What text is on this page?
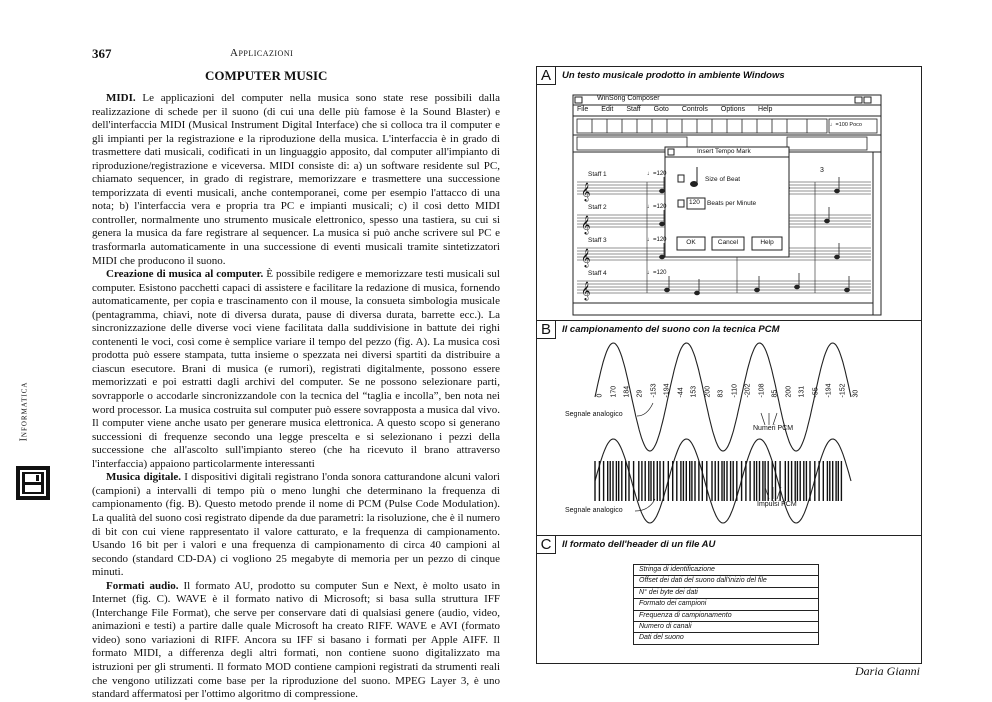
367	Applicazioni
Informatica
COMPUTER MUSIC

MIDI. Le applicazioni del computer nella musica sono state rese possibili dalla realizzazione di schede per il suono (di cui una delle più famose è la Sound Blaster) e dell'interfaccia MIDI (Musical Instrument Digital Interface) che si colloca tra il computer e gli impianti per la registrazione e la riproduzione della musica. L'interfaccia è in grado di trasmettere dati musicali, codificati in un linguaggio apposito, dal computer all'impianto di riproduzione/registrazione e viceversa. MIDI consiste di: a) un software residente sul PC, chiamato sequencer, in grado di registrare, memorizzare e trasmettere una successione temporizzata di eventi musicali, anche contemporanei, come per esempio l'attacco di una nota; b) l'interfaccia vera e propria tra PC e impianti musicali; c) il così detto MIDI controller, normalmente uno strumento musicale elettronico, spesso una tastiera, su cui si genera la musica da fare registrare al sequencer. La musica si può anche scrivere sul PC e trasformarla automaticamente in una successione di eventi musicali tramite sintetizzatori MIDI che producono il suono.

Creazione di musica al computer. È possibile redigere e memorizzare testi musicali sul computer. Esistono pacchetti capaci di assistere e facilitare la redazione di musica, fornendo automaticamente, per copia e trascinamento con il mouse, la consueta simbologia musicale (pentagramma, chiavi, note di diversa durata, pause di diversa durata, barrette ecc.). La sincronizzazione delle diverse voci viene facilitata dalla suddivisione in battute dei righi contenenti le voci, così come è semplice variare il tempo del pezzo (fig. A). La musica così prodotta può essere stampata, tutta insieme o spezzata nei diversi spartiti da distribuire a ciascun esecutore. Brani di musica (e rumori), registrati digitalmente, possono essere memorizzati e poi estratti dagli archivi del computer. Se ne possono selezionare parti, sovrapporle o accodarle sincronizzandole con la tecnica del “taglia e incolla”, ben nota nei word processor. La musica costruita sul computer può essere sovrapposta a musica dal vivo. Il computer viene anche usato per generare musica elettronica. A questo scopo si generano successioni di frequenze secondo una legge prescelta e si selezionano i pezzi della successione che all'ascolto sull'impianto stereo (che ha ricevuto il brano attraverso l'interfaccia) appaiono particolarmente interessanti

Musica digitale. I dispositivi digitali registrano l'onda sonora catturandone alcuni valori (campioni) a intervalli di tempo più o meno lunghi che determinano la frequenza di campionamento (fig. B). Questo metodo prende il nome di PCM (Pulse Code Modulation). La qualità del suono così registrato dipende da due parametri: la risoluzione, che è il numero di bit con cui viene rappresentato il valore catturato, e la frequenza di campionamento. Usando 16 bit per i valori e una frequenza di campionamento di circa 40 campioni al secondo (standard CD-DA) ci vogliono 25 megabyte di memoria per un pezzo di cinque minuti.

Formati audio. Il formato AU, prodotto su computer Sun e Next, è molto usato in Internet (fig. C). WAVE è il formato nativo di Microsoft; si basa sulla struttura IFF (Interchange File Format), che serve per conservare dati di qualsiasi genere (audio, video, animazioni e testi) a partire dalle quale Microsoft ha creato RIFF. WAVE e AVI (formato video) sono variazioni di RIFF. Ancora su IFF si basano i formati per Apple AIFF. Il formato MIDI, a differenza degli altri formati, non contiene suono digitalizzato ma istruzioni per gli strumenti. Il formato MOD contiene campioni registrati da strumenti reali che vengono utilizzati come base per la riproduzione del suono. MPEG Layer 3, è uno standard affermatosi per l'ottimo algoritmo di compressione.

A	Un testo musicale prodotto in ambiente Windows
WinSong Composer
File Edit Staff Goto Controls Options Help
♩=100 Poco
3
Staff 1
Staff 2
Staff 3
Staff 4
♩=120
♩=120
♩=120
♩=120
𝄞
𝄞
𝄞
𝄞
Insert Tempo Mark
Size of Beat
120 Beats per Minute
OK	Cancel	Help
B	Il campionamento del suono con la tecnica PCM
0 170 184 29 -153 -194 -44 153 200 83 -110 -202 -108 85 200 131 -55 -194 -152 30
Segnale analogico
Segnale analogico
Numeri PCM
Impulsi PCM
C	Il formato dell'header di un file AU
Stringa di identificazione
Offset dei dati del suono dall'inizio del file
N° dei byte dei dati
Formato dei campioni
Frequenza di campionamento
Numero di canali
Dati del suono
Daria Gianni
